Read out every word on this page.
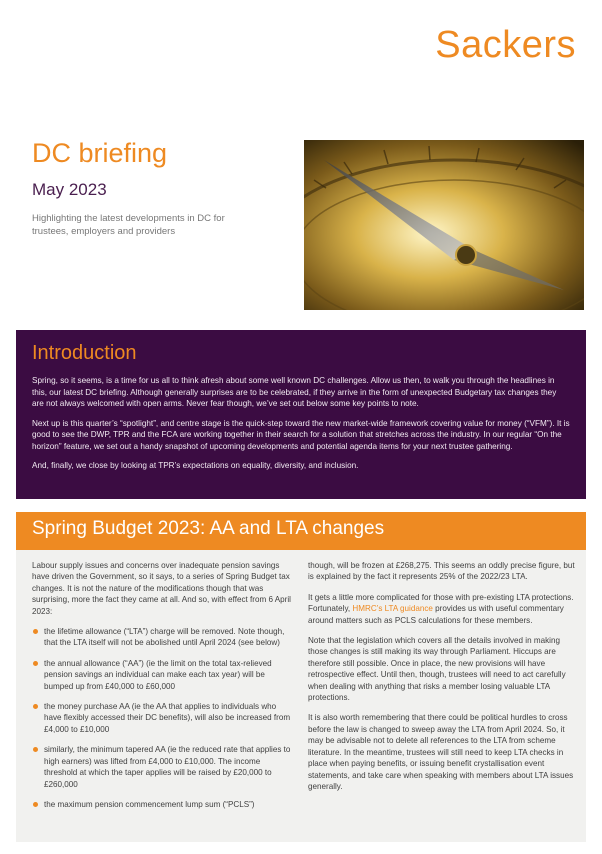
Sackers
DC briefing
May 2023
Highlighting the latest developments in DC for trustees, employers and providers
Introduction

Spring, so it seems, is a time for us all to think afresh about some well known DC challenges. Allow us then, to walk you through the headlines in this, our latest DC briefing. Although generally surprises are to be celebrated, if they arrive in the form of unexpected Budgetary tax changes they are not always welcomed with open arms. Never fear though, we’ve set out below some key points to note.

Next up is this quarter’s “spotlight”, and centre stage is the quick-step toward the new market-wide framework covering value for money (“VFM”). It is good to see the DWP, TPR and the FCA are working together in their search for a solution that stretches across the industry. In our regular “On the horizon” feature, we set out a handy snapshot of upcoming developments and potential agenda items for your next trustee gathering.

And, finally, we close by looking at TPR’s expectations on equality, diversity, and inclusion.

Spring Budget 2023: AA and LTA changes

Labour supply issues and concerns over inadequate pension savings have driven the Government, so it says, to a series of Spring Budget tax changes. It is not the nature of the modifications though that was surprising, more the fact they came at all. And so, with effect from 6 April 2023:

the lifetime allowance (“LTA”) charge will be removed. Note though, that the LTA itself will not be abolished until April 2024 (see below)
the annual allowance (“AA”) (ie the limit on the total tax-relieved pension savings an individual can make each tax year) will be bumped up from £40,000 to £60,000
the money purchase AA (ie the AA that applies to individuals who have flexibly accessed their DC benefits), will also be increased from £4,000 to £10,000
similarly, the minimum tapered AA (ie the reduced rate that applies to high earners) was lifted from £4,000 to £10,000. The income threshold at which the taper applies will be raised by £20,000 to £260,000
the maximum pension commencement lump sum (“PCLS”)

though, will be frozen at £268,275. This seems an oddly precise figure, but is explained by the fact it represents 25% of the 2022/23 LTA.

It gets a little more complicated for those with pre-existing LTA protections. Fortunately, HMRC’s LTA guidance provides us with useful commentary around matters such as PCLS calculations for these members.

Note that the legislation which covers all the details involved in making those changes is still making its way through Parliament. Hiccups are therefore still possible. Once in place, the new provisions will have retrospective effect. Until then, though, trustees will need to act carefully when dealing with anything that risks a member losing valuable LTA protections.

It is also worth remembering that there could be political hurdles to cross before the law is changed to sweep away the LTA from April 2024. So, it may be advisable not to delete all references to the LTA from scheme literature. In the meantime, trustees will still need to keep LTA checks in place when paying benefits, or issuing benefit crystallisation event statements, and take care when speaking with members about LTA issues generally.
